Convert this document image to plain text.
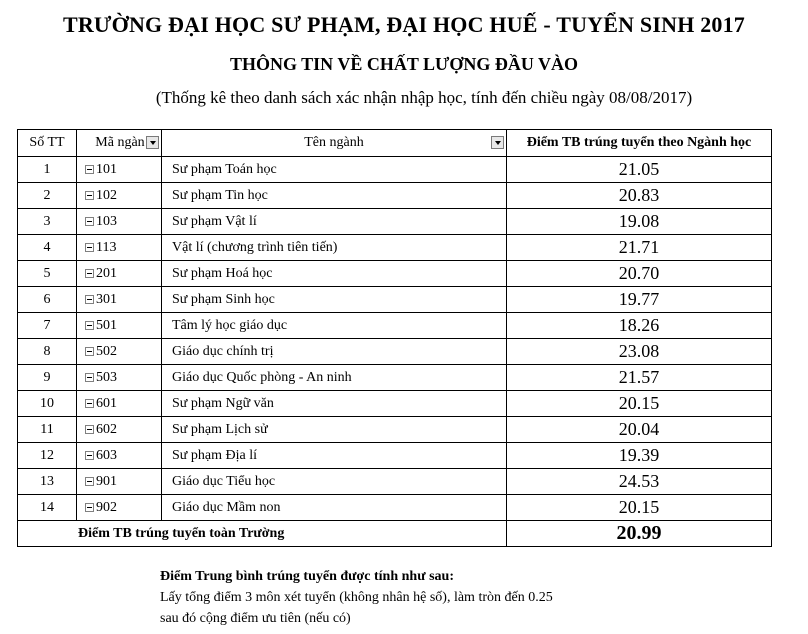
TRƯỜNG ĐẠI HỌC SƯ PHẠM, ĐẠI HỌC HUẾ - TUYỂN SINH 2017
THÔNG TIN VỀ CHẤT LƯỢNG ĐẦU VÀO
(Thống kê theo danh sách xác nhận nhập học, tính đến chiều ngày 08/08/2017)
Số TT	Mã ngàn	Tên ngành	Điểm TB trúng tuyển theo Ngành học
1	101	Sư phạm Toán học	21.05
2	102	Sư phạm Tin học	20.83
3	103	Sư phạm Vật lí	19.08
4	113	Vật lí (chương trình tiên tiến)	21.71
5	201	Sư phạm Hoá học	20.70
6	301	Sư phạm Sinh học	19.77
7	501	Tâm lý học giáo dục	18.26
8	502	Giáo dục chính trị	23.08
9	503	Giáo dục Quốc phòng - An ninh	21.57
10	601	Sư phạm Ngữ văn	20.15
11	602	Sư phạm Lịch sử	20.04
12	603	Sư phạm Địa lí	19.39
13	901	Giáo dục Tiểu học	24.53
14	902	Giáo dục Mầm non	20.15
Điểm TB trúng tuyển toàn Trường			20.99
Điểm Trung bình trúng tuyển được tính như sau:
Lấy tổng điểm 3 môn xét tuyển (không nhân hệ số), làm tròn đến 0.25
sau đó cộng điểm ưu tiên (nếu có)
